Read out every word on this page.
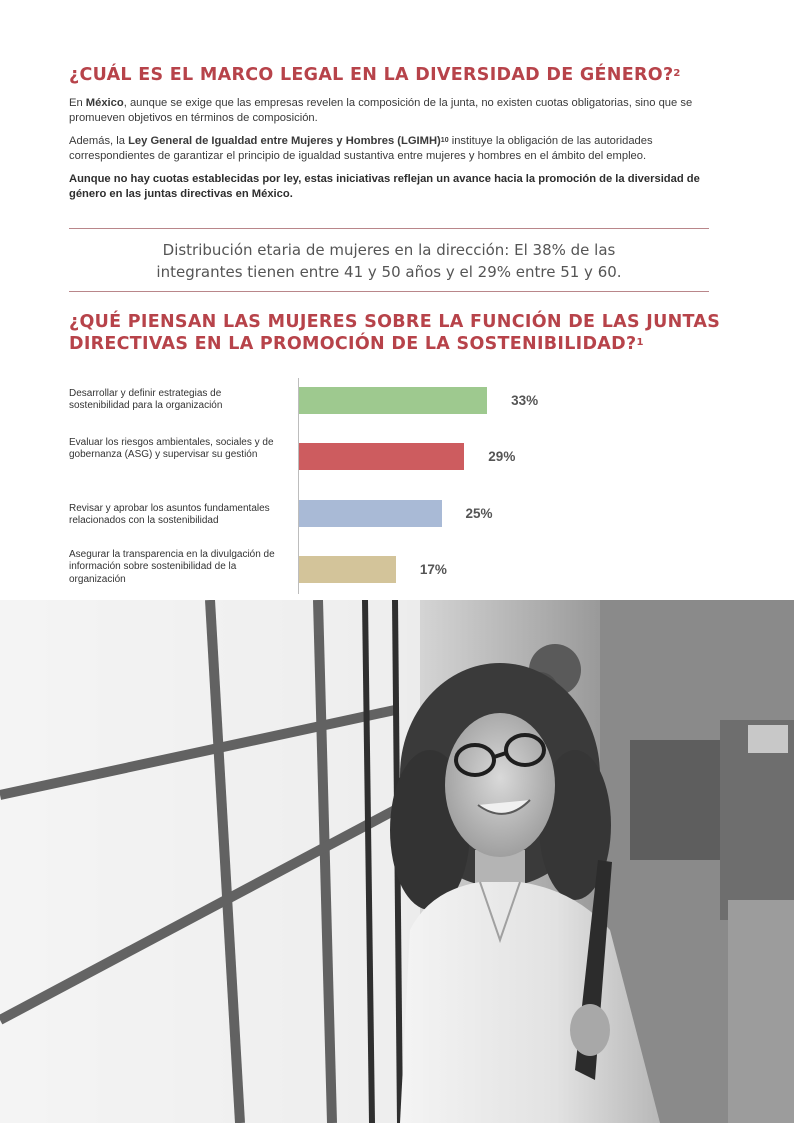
¿CUÁL ES EL MARCO LEGAL EN LA DIVERSIDAD DE GÉNERO?$^2$

En México, aunque se exige que las empresas revelen la composición de la junta, no existen cuotas obligatorias, sino que se promueven objetivos en términos de composición.

Además, la Ley General de Igualdad entre Mujeres y Hombres (LGIMH)$^{10}$ instituye la obligación de las autoridades correspondientes de garantizar el principio de igualdad sustantiva entre mujeres y hombres en el ámbito del empleo.

Aunque no hay cuotas establecidas por ley, estas iniciativas reflejan un avance hacia la promoción de la diversidad de género en las juntas directivas en México.

Distribución etaria de mujeres en la dirección: El 38% de las
integrantes tienen entre 41 y 50 años y el 29% entre 51 y 60.
¿QUÉ PIENSAN LAS MUJERES SOBRE LA FUNCIÓN DE LAS JUNTAS
DIRECTIVAS EN LA PROMOCIÓN DE LA SOSTENIBILIDAD?$^1$
Desarrollar y definir estrategias de sostenibilidad para la organización	33%
Evaluar los riesgos ambientales, sociales y de gobernanza (ASG) y supervisar su gestión	29%
Revisar y aprobar los asuntos fundamentales relacionados con la sostenibilidad	25%
Asegurar la transparencia en la divulgación de información sobre sostenibilidad de la organización
17%
